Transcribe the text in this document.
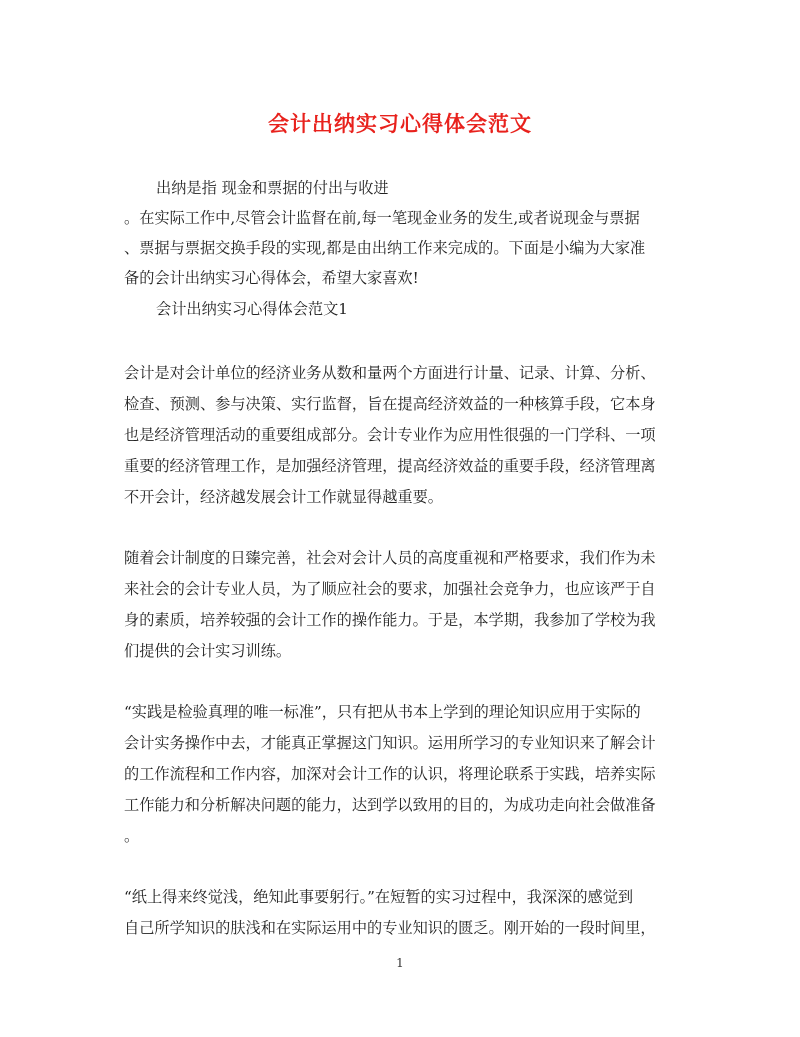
会计出纳实习心得体会范文
出纳是指 现金和票据的付出与收进
。在实际工作中,尽管会计监督在前,每一笔现金业务的发生,或者说现金与票据
、票据与票据交换手段的实现,都是由出纳工作来完成的。下面是小编为大家准
备的会计出纳实习心得体会，希望大家喜欢!
会计出纳实习心得体会范文1
会计是对会计单位的经济业务从数和量两个方面进行计量、记录、计算、分析、
检查、预测、参与决策、实行监督，旨在提高经济效益的一种核算手段，它本身
也是经济管理活动的重要组成部分。会计专业作为应用性很强的一门学科、一项
重要的经济管理工作，是加强经济管理，提高经济效益的重要手段，经济管理离
不开会计，经济越发展会计工作就显得越重要。
随着会计制度的日臻完善，社会对会计人员的高度重视和严格要求，我们作为未
来社会的会计专业人员，为了顺应社会的要求，加强社会竞争力，也应该严于自
身的素质，培养较强的会计工作的操作能力。于是，本学期，我参加了学校为我
们提供的会计实习训练。
“实践是检验真理的唯一标准”，只有把从书本上学到的理论知识应用于实际的
会计实务操作中去，才能真正掌握这门知识。运用所学习的专业知识来了解会计
的工作流程和工作内容，加深对会计工作的认识，将理论联系于实践，培养实际
工作能力和分析解决问题的能力，达到学以致用的目的，为成功走向社会做准备
。
“纸上得来终觉浅，绝知此事要躬行。”在短暂的实习过程中，我深深的感觉到
自己所学知识的肤浅和在实际运用中的专业知识的匮乏。刚开始的一段时间里，
1
